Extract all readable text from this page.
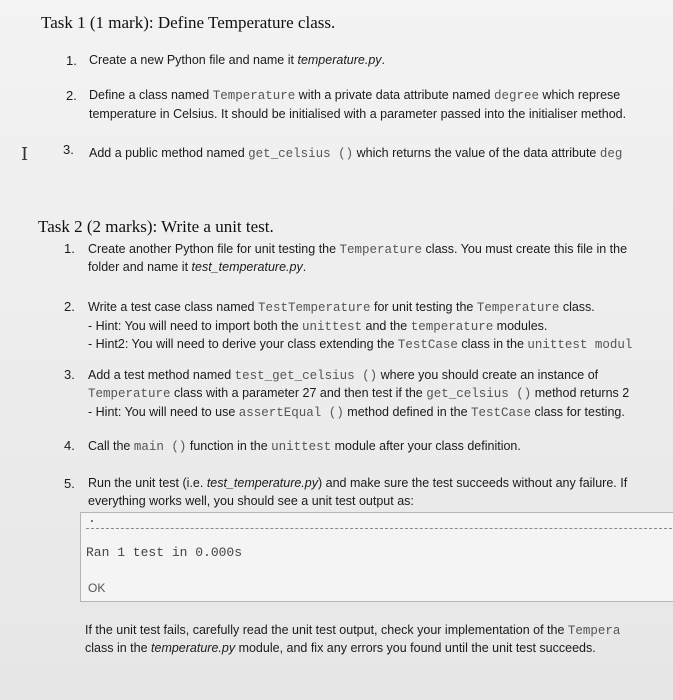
Task 1 (1 mark): Define Temperature class.
1. Create a new Python file and name it temperature.py.
2. Define a class named Temperature with a private data attribute named degree which represe
temperature in Celsius. It should be initialised with a parameter passed into the initialiser method.
I	3. Add a public method named get_celsius () which returns the value of the data attribute deg
Task 2 (2 marks): Write a unit test.
1. Create another Python file for unit testing the Temperature class. You must create this file in the
folder and name it test_temperature.py.
2. Write a test case class named TestTemperature for unit testing the Temperature class.
- Hint: You will need to import both the unittest and the temperature modules.
- Hint2: You will need to derive your class extending the TestCase class in the unittest modul
3. Add a test method named test_get_celsius () where you should create an instance of
Temperature class with a parameter 27 and then test if the get_celsius () method returns 2
- Hint: You will need to use assertEqual () method defined in the TestCase class for testing.
4. Call the main () function in the unittest module after your class definition.
5. Run the unit test (i.e. test_temperature.py) and make sure the test succeeds without any failure. If
everything works well, you should see a unit test output as:
.
Ran 1 test in 0.000s
OK
If the unit test fails, carefully read the unit test output, check your implementation of the Tempera
class in the temperature.py module, and fix any errors you found until the unit test succeeds.
